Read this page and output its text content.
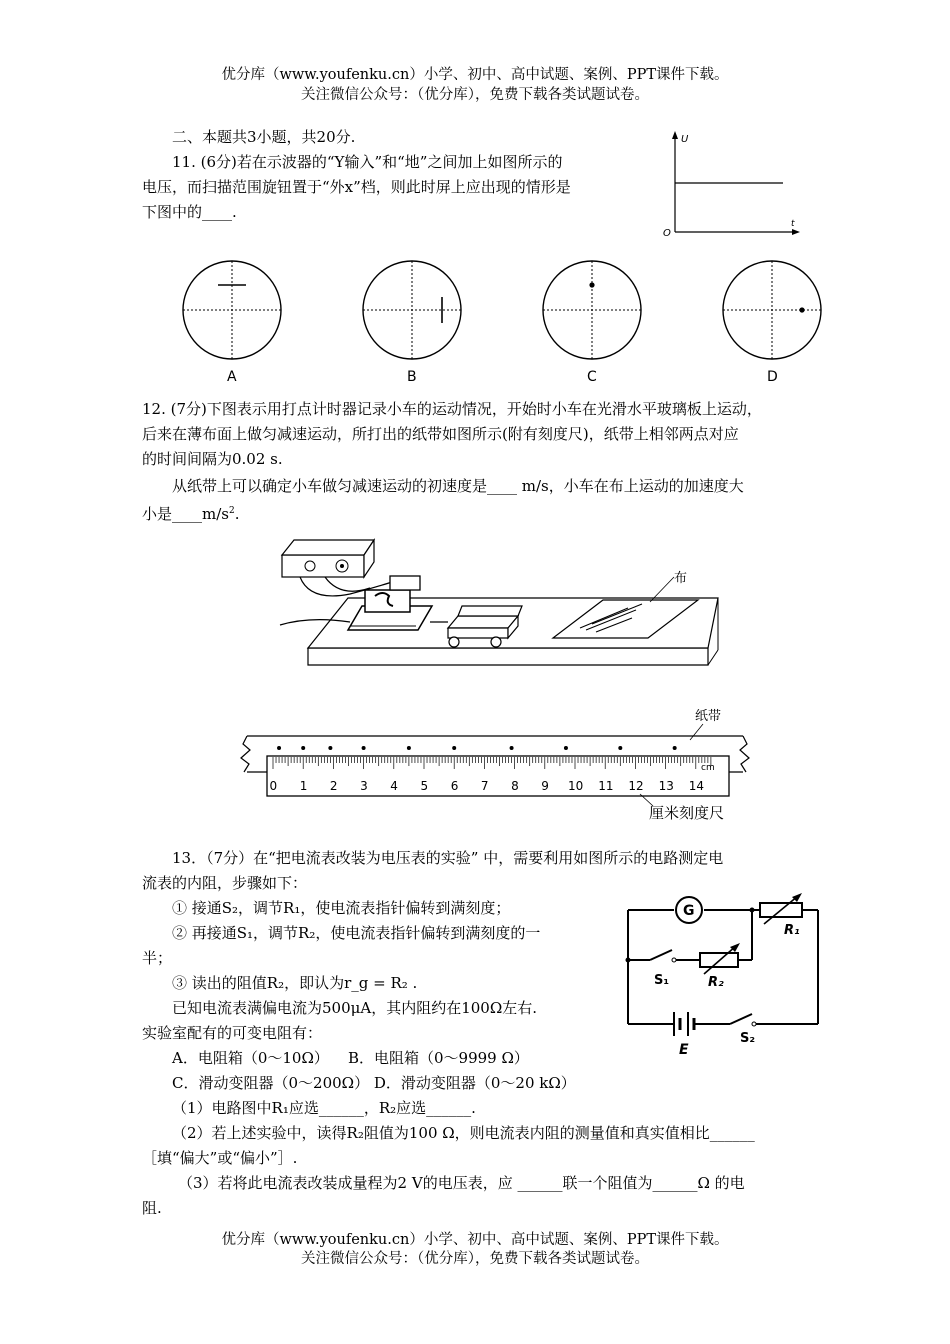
优分库（www.youfenku.cn）小学、初中、高中试题、案例、PPT课件下载。
关注微信公众号：（优分库），免费下载各类试题试卷。
二、本题共3小题，共20分.
11. (6分)若在示波器的“Y输入”和“地”之间加上如图所示的
电压，而扫描范围旋钮置于“外x”档，则此时屏上应出现的情形是
下图中的____.
U
t
O
A	B	C	D
12. (7分)下图表示用打点计时器记录小车的运动情况，开始时小车在光滑水平玻璃板上运动，
后来在薄布面上做匀减速运动，所打出的纸带如图所示(附有刻度尺)，纸带上相邻两点对应
的时间间隔为0.02 s.
从纸带上可以确定小车做匀减速运动的初速度是____ m/s，小车在布上运动的加速度大
小是$\_\_\_\_m/s^2$.
布
纸带
0 1 2 3 4 5 6 7 8 9 10 11 12 13 14
cm
厘米刻度尺
13．（7分）在“把电流表改装为电压表的实验” 中，需要利用如图所示的电路测定电
流表的内阻，步骤如下：
① 接通S₂，调节R₁，使电流表指针偏转到满刻度；
② 再接通S₁，调节R₂，使电流表指针偏转到满刻度的一
半；
③ 读出的阻值R₂，即认为r_g = R₂ .
已知电流表满偏电流为500μA，其内阻约在100Ω左右.
实验室配有的可变电阻有：
A．电阻箱（0～10Ω）    B．电阻箱（0～9999 Ω）
C．滑动变阻器（0～200Ω） D．滑动变阻器（0～20 kΩ）
（1）电路图中R₁应选______，R₂应选______.
（2）若上述实验中，读得R₂阻值为100 Ω，则电流表内阻的测量值和真实值相比______
［填“偏大”或“偏小”］.
（3）若将此电流表改装成量程为2 V的电压表，应 ______联一个阻值为______Ω 的电
阻.
G
R₁
S₁	R₂
E
S₂
优分库（www.youfenku.cn）小学、初中、高中试题、案例、PPT课件下载。
关注微信公众号：（优分库），免费下载各类试题试卷。
